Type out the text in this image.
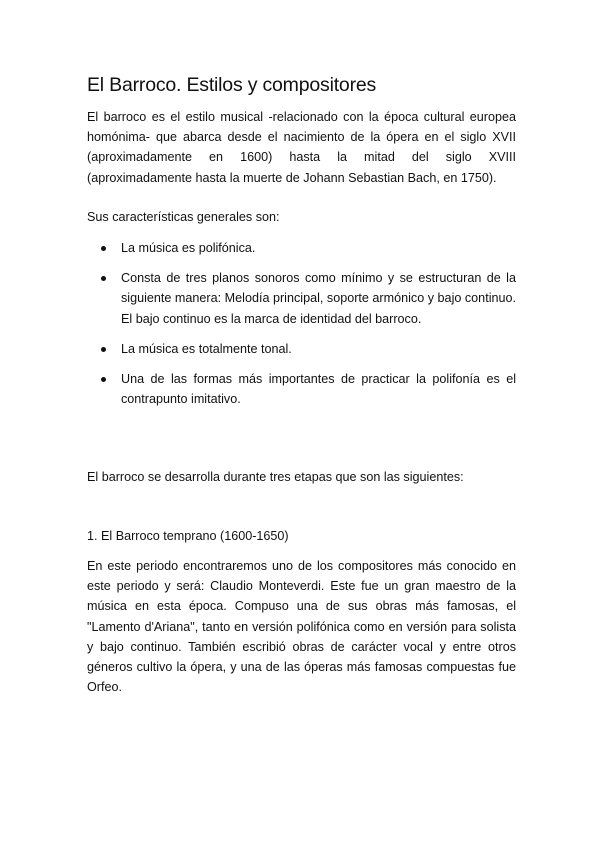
El Barroco. Estilos y compositores

El barroco es el estilo musical -relacionado con la época cultural europea homónima- que abarca desde el nacimiento de la ópera en el siglo XVII (aproximadamente en 1600) hasta la mitad del siglo XVIII (aproximadamente hasta la muerte de Johann Sebastian Bach, en 1750).

Sus características generales son:

La música es polifónica.
Consta de tres planos sonoros como mínimo y se estructuran de la siguiente manera: Melodía principal, soporte armónico y bajo continuo. El bajo continuo es la marca de identidad del barroco.
La música es totalmente tonal.
Una de las formas más importantes de practicar la polifonía es el contrapunto imitativo.

El barroco se desarrolla durante tres etapas que son las siguientes:

1. El Barroco temprano (1600-1650)

En este periodo encontraremos uno de los compositores más conocido en este periodo y será: Claudio Monteverdi. Este fue un gran maestro de la música en esta época. Compuso una de sus obras más famosas, el "Lamento d'Ariana", tanto en versión polifónica como en versión para solista y bajo continuo. También escribió obras de carácter vocal y entre otros géneros cultivo la ópera, y una de las óperas más famosas compuestas fue Orfeo.
